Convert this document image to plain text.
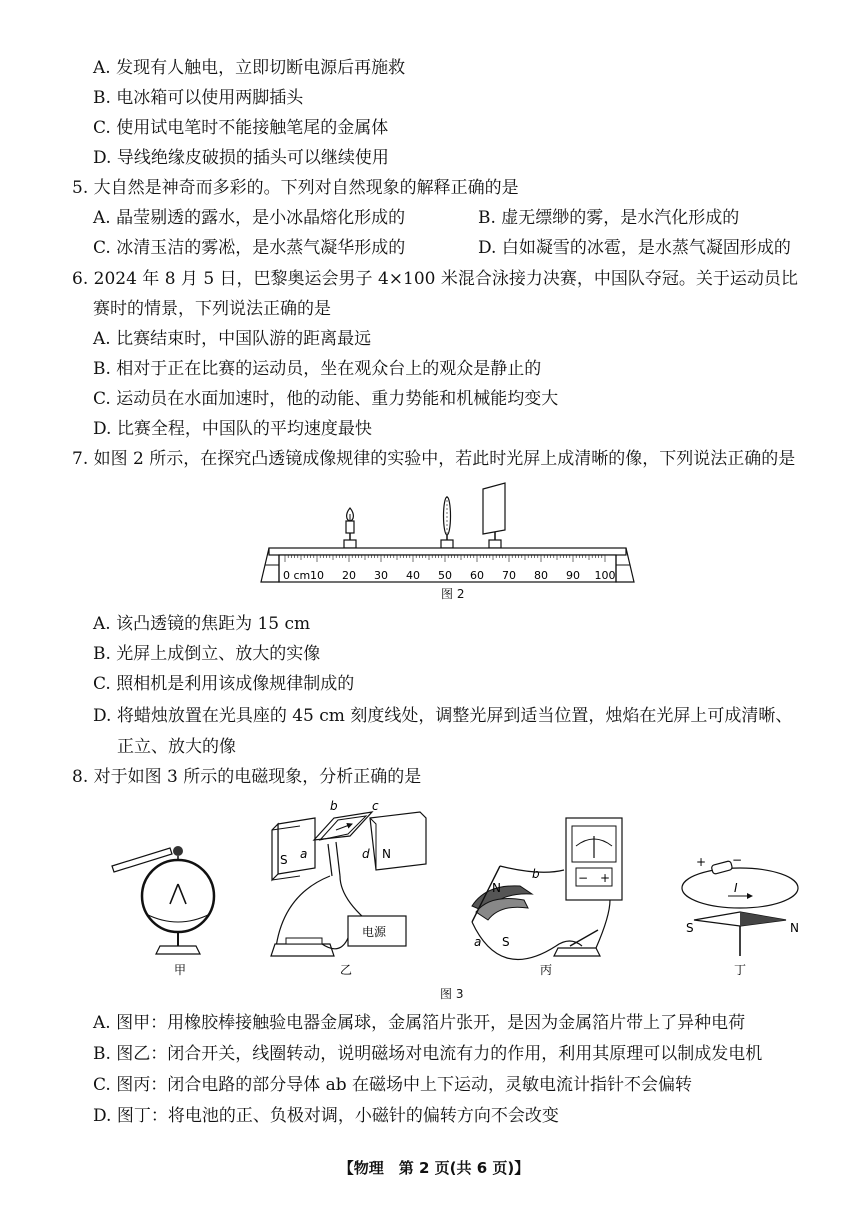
A. 发现有人触电，立即切断电源后再施救
B. 电冰箱可以使用两脚插头
C. 使用试电笔时不能接触笔尾的金属体
D. 导线绝缘皮破损的插头可以继续使用
5. 大自然是神奇而多彩的。下列对自然现象的解释正确的是
A. 晶莹剔透的露水，是小冰晶熔化形成的	B. 虚无缥缈的雾，是水汽化形成的
C. 冰清玉洁的雾凇，是水蒸气凝华形成的	D. 白如凝雪的冰雹，是水蒸气凝固形成的
6. 2024 年 8 月 5 日，巴黎奥运会男子 4×100 米混合泳接力决赛，中国队夺冠。关于运动员比
赛时的情景，下列说法正确的是
A. 比赛结束时，中国队游的距离最远
B. 相对于正在比赛的运动员，坐在观众台上的观众是静止的
C. 运动员在水面加速时，他的动能、重力势能和机械能均变大
D. 比赛全程，中国队的平均速度最快
7. 如图 2 所示，在探究凸透镜成像规律的实验中，若此时光屏上成清晰的像，下列说法正确的是
0 cm 10 20 30 40 50 60 70 80 90 100
图 2
A. 该凸透镜的焦距为 15 cm
B. 光屏上成倒立、放大的实像
C. 照相机是利用该成像规律制成的
D. 将蜡烛放置在光具座的 45 cm 刻度线处，调整光屏到适当位置，烛焰在光屏上可成清晰、
正立、放大的像
8. 对于如图 3 所示的电磁现象，分析正确的是
甲
S	N
b	c
a	d
电源
乙
N
S
a
b	− +
丙
+ −
I
S	N
丁
图 3
A. 图甲：用橡胶棒接触验电器金属球，金属箔片张开，是因为金属箔片带上了异种电荷
B. 图乙：闭合开关，线圈转动，说明磁场对电流有力的作用，利用其原理可以制成发电机
C. 图丙：闭合电路的部分导体 ab 在磁场中上下运动，灵敏电流计指针不会偏转
D. 图丁：将电池的正、负极对调，小磁针的偏转方向不会改变
【物理　第 2 页(共 6 页)】
